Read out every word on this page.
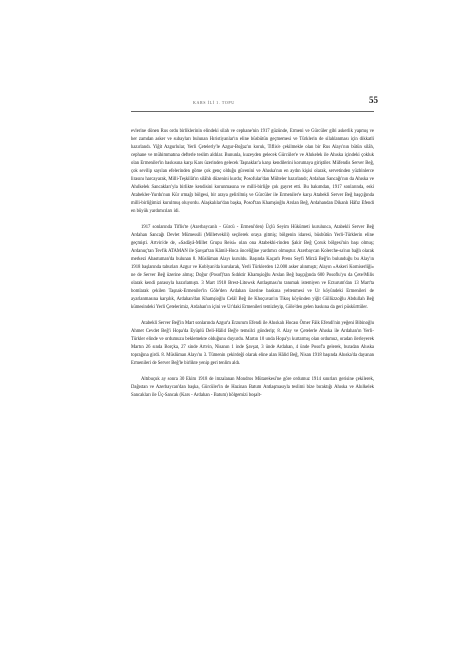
KARS İLİ 1. TOPU	55

evlerine dönen Rus ordu birliklerinin elindeki silah ve cephane'nin 1917 güzünde, Ermeni ve Gürcüler gibi askerlik yapmış ve her zamdan asker ve subayları bulunan Hıristiyanlar'ın eline büsbütün geçmemesi ve Türklerin de silahlanması için dikkatli hazırlandı. Yiğit Azgurlular, Yerli Çetelerly'le Azgur-Boğaz'ın koruk, Tiflis'e çekilmekle olan bir Rus Alayı'nın bütün silâh, cephane ve mühimmatına defterle teslim aldılar. Bununla, kuzeyden gelecek Gürcüler'e ve Ahıkelek ile Ahıska içindeki çokluk olan Ermeniler'in baskısına karşı Kars üzerinden gelecek Taşnaklar'a karşı kendilerini korumaya giriştiler. Müfendis Server Beğ, çok sevilip sayılan efelerinden göme çok genç olduğu güvenini ve Ahıska'nın en aydın kişisi olarak, servetinden yüzbinlerce lirasını harcayarak, Milli-Teşkilât'ın silâhlı düzenini kurdu; Posofular'dan Mülteler hazırlandı; Ardahan Sancağı'nın da Ahıska ve Ahılkelek Sancakları'yla birlikte kendisini korunmasına ve milli-birliğe çok gayret etti. Bu bakımdan, 1917 sonlarında, eski Atabekler-Yurdu'nun Kür ırmağı bölgesi, bir araya gelirilmiş ve Gürcüler ile Ermeniler'e karşı Atabekli Server Beğ başçığında milli-birliğimizi kurulmuş oluyordu. Alaşkalılar'dan başka, Posof'tan Khamşioğlu Arslan Beğ, Ardahandan Dikanlı Hâfız Efendi en büyük yardımcıları idi.

1917 sonlarında Tiflis'te (Azerbaycanlı - Gürcü - Ermeni'den) Üçlü Seyim Hükümeti kurulunca, Atabekli Server Beğ Ardahan Sancağı Devlet Mümessili (Milletvekili) seçilerek oraya gitmiş; bölgenin idaresi, büsbütün Yerli-Türklerin eline geçmişti. Artvin'de de, «Sadâyâ-Millet Grupu Reisi» olan ona Atabekhi-rinden Şakir Beğ Çoruk bölgesi'nin başı olmuş; Ardanuç'tan Tevfik ATAMAN ile Şavşat'tan Kâmil-Hoca önceliğine yardımcı olmuştur. Azerbaycan Kolerche-sa'nın bağlı olarak merkezi Abastuman'da bulunan 8. Müslüman Alayı kuruldu. Başında Kaçarlı Prens Seyfi Mirzâ Beğ'in bulunduğu bu Alay'ın 1918 başlarında taburları Azgur ve Koblyan'da kurularak, Yerli Türklerden 12.000 asker alınmıştı; Alayın «Askeri Komiserliği» ne de Server Beğ üzerine almış; Doğur (Posof)'tan Sıdıktir Khamşioğlu Arslan Beğ başçığında 600 Posoflu'yu da Çete/Milis olarak kendi parasıyla hazırlamıştı. 3 Mart 1918 Brest-Litowsk Antlaşması'nı tanımak istemiyen ve Erzurum'dan 13 Mart'ta bomlarak çekilen Taşnak-Ermeniler'in Göle'den Ardahan üzerine baskına yeltenmesi ve Ur köyündeki Ermenileri de ayarlanmasına karşılık, Ardahan'dan Khamşioğlu Celâl Beğ ile Khoçuvan'ın Tikoş köyünden yiğit Güllüzzoğlu Abdullah Beğ kümesindeki Yerli Çetelerimiz, Ardahan'ın içini ve Ur'daki Ermenileri temizleyip, Göle'den gelen baskına da geri püskürttüler.

Atabekli Server Beğ'in Mart sonlarında Azgur'a Erzurum Efendi ile Ahıskalı Hocası Ömer Fâik Efendi'nin yeğeni Bibinoğlu Ahmet Cevdet Beğ'i Hopa'da Eyüplü Deli-Hâlid Beğ'e temsilci gönderip; 8. Alay ve Çetelerle Ahıska ile Ardahan'ın Yerli-Türkler elinde ve ordumuzu beklemekte olduğunu duyurdu. Martın 10 unda Hopa'yı kurtarmış olan ordumuz, oradan ilerleyerek Martın 26 sında Borçka, 27 sinde Artvin, Nisanın 1 inde Şavşat, 3 ünde Ardahan, 4 ünde Posof'a gelerek, buradan Ahıska toprağına girdi. 8. Müslüman Alayı'nı 3. Tümenin çekirdeği olarak eline alan Hâlid Beğ, Nisan 1918 başında Ahıska'da dayanan Ermenileri de Server Beğ'le birlikte yenip geri tenlim aldı.

Altıbuçuk ay sonra 30 Ekim 1918 de imzalanan Mondros Mütarekesi'ne göre ordumuz 1914 sınırları gerisine çekilerek, Dağıstan ve Azerbaycan'dan başka, Gürcüler'in de Hazinan Batum Antlaşmasıyla teslimi bize bıraktığı Ahıska ve Ahılkelek Sancakları ile Üç-Sancak (Kars - Ardahan - Batum) bölgemizi boşalt-
